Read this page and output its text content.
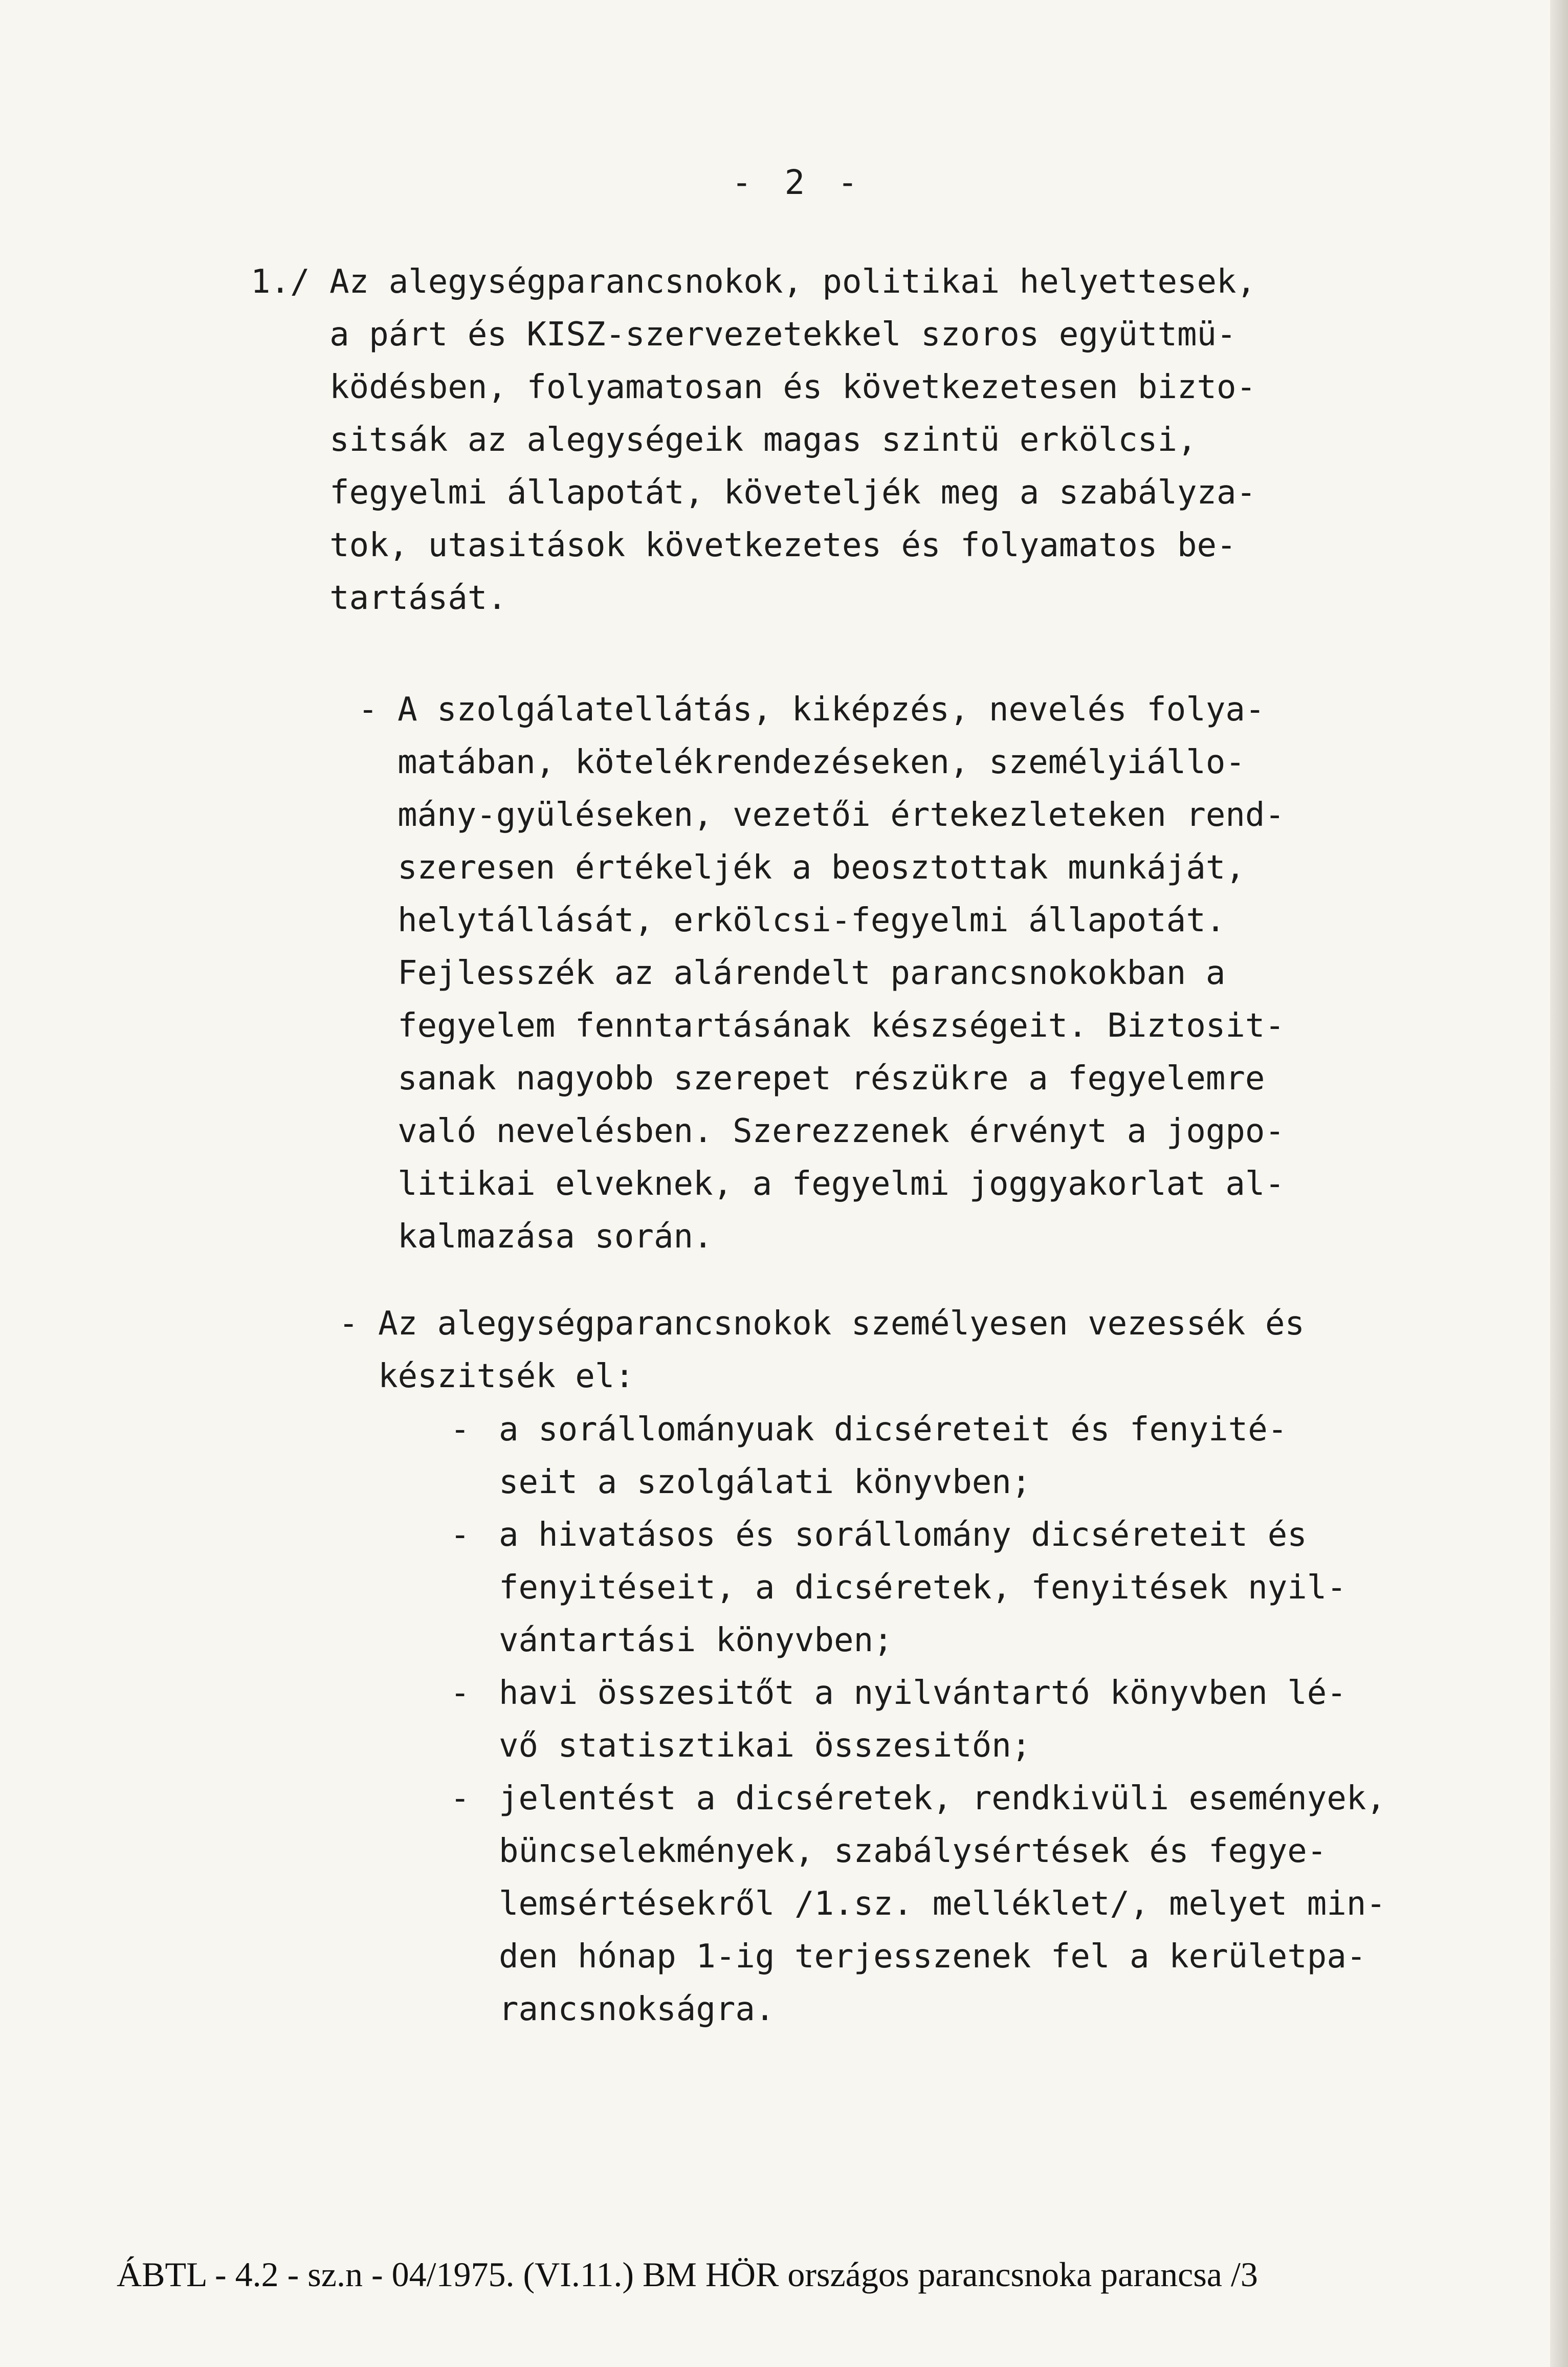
- 2 -

1./ Az alegységparancsnokok, politikai helyettesek,
a párt és KISZ-szervezetekkel szoros együttmü-
ködésben, folyamatosan és következetesen bizto-
sitsák az alegységeik magas szintü erkölcsi,
fegyelmi állapotát, követeljék meg a szabályza-
tok, utasitások következetes és folyamatos be-
tartását.

- A szolgálatellátás, kiképzés, nevelés folya-
matában, kötelékrendezéseken, személyiállo-
mány-gyüléseken, vezetői értekezleteken rend-
szeresen értékeljék a beosztottak munkáját,
helytállását, erkölcsi-fegyelmi állapotát.
Fejlesszék az alárendelt parancsnokokban a
fegyelem fenntartásának készségeit. Biztosit-
sanak nagyobb szerepet részükre a fegyelemre
való nevelésben. Szerezzenek érvényt a jogpo-
litikai elveknek, a fegyelmi joggyakorlat al-
kalmazása során.

- Az alegységparancsnokok személyesen vezessék és
készitsék el:

- a sorállományuak dicséreteit és fenyité-
seit a szolgálati könyvben;

- a hivatásos és sorállomány dicséreteit és
fenyitéseit, a dicséretek, fenyitések nyil-
vántartási könyvben;

- havi összesitőt a nyilvántartó könyvben lé-
vő statisztikai összesitőn;

- jelentést a dicséretek, rendkivüli események,
büncselekmények, szabálysértések és fegye-
lemsértésekről /1.sz. melléklet/, melyet min-
den hónap 1-ig terjesszenek fel a kerületpa-
rancsnokságra.

ÁBTL - 4.2 - sz.n - 04/1975. (VI.11.) BM HÖR országos parancsnoka parancsa /3
